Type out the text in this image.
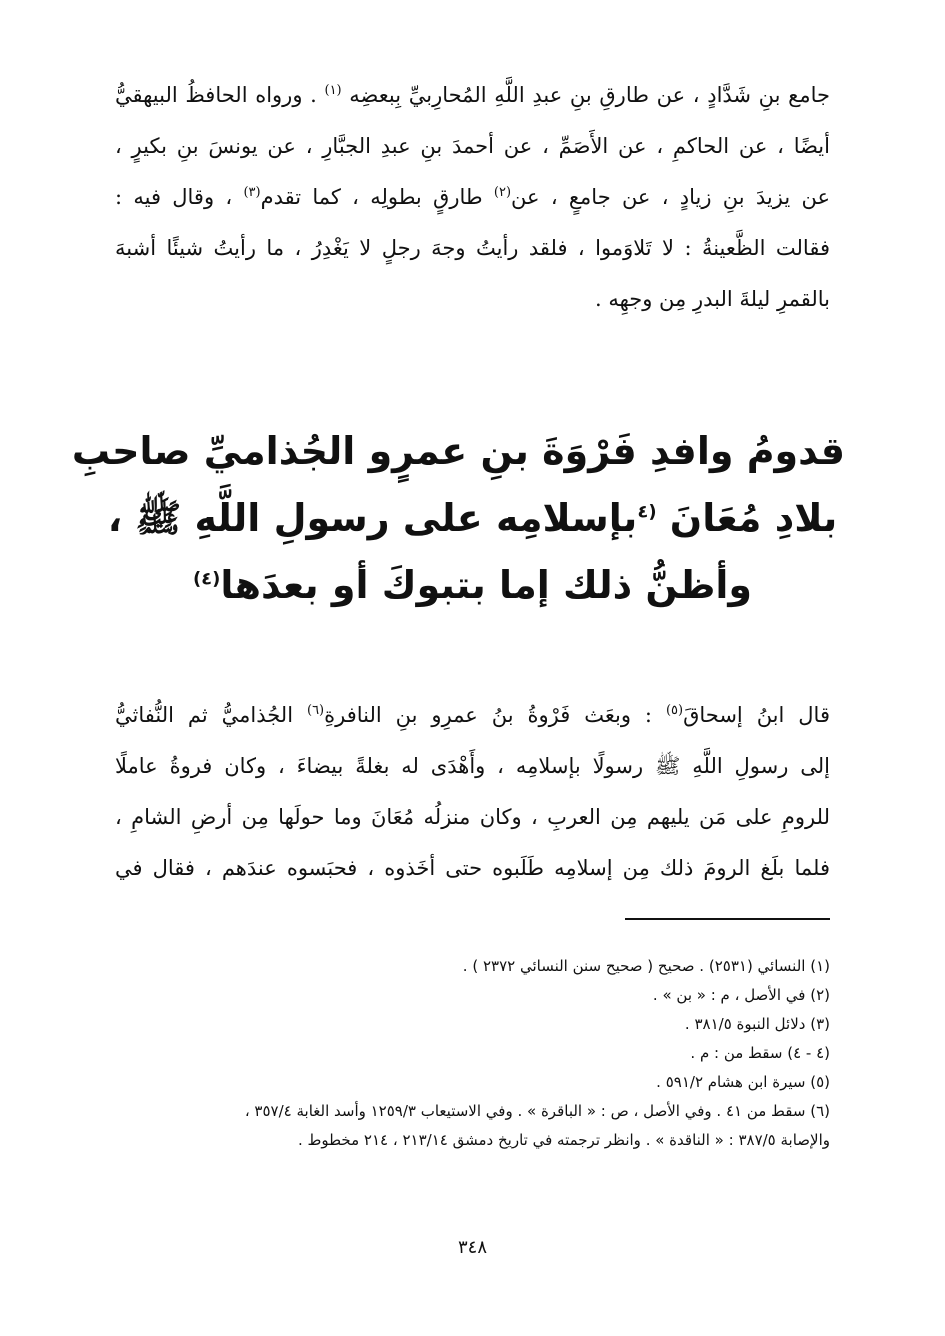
جامع بنِ شَدَّادٍ ، عن طارقِ بنِ عبدِ اللَّهِ المُحارِبيِّ بِبعضِه $^{(١)}$ . ورواه الحافظُ البيهقيُّ
أيضًا ، عن الحاكمِ ، عن الأَصَمِّ ، عن أحمدَ بنِ عبدِ الجبَّارِ ، عن يونسَ بنِ بكيرٍ ،
عن يزيدَ بنِ زيادٍ ، عن جامعٍ ، عن$^{(٢)}$ طارقٍ بطولِه ، كما تقدم$^{(٣)}$ ، وقال فيه :
فقالت الظَّعينةُ : لا تَلاوَموا ، فلقد رأيتُ وجهَ رجلٍ لا يَغْدِرُ ، ما رأيتُ شيئًا أشبهَ
بالقمرِ ليلةَ البدرِ مِن وجهِه .

قدومُ وافدِ فَرْوَةَ بنِ عمرٍو الجُذاميِّ صاحبِ
بلادِ مُعَانَ $^{(٤}$بإسلامِه على رسولِ اللَّهِ ﷺ ،
وأظنُّ ذلك إما بتبوكَ أو بعدَها$^{(٤)}$

قال ابنُ إسحاقَ$^{(٥)}$ : وبعَث فَرْوةُ بنُ عمرِو بنِ النافرةِ$^{(٦)}$ الجُذاميُّ ثم النُّفاثيُّ
إلى رسولِ اللَّهِ ﷺ رسولًا بإسلامِه ، وأَهْدَى له بغلةً بيضاءَ ، وكان فروةُ عاملًا
للرومِ على مَن يليهم مِن العربِ ، وكان منزلُه مُعَانَ وما حولَها مِن أرضِ الشامِ ،
فلما بلَغ الرومَ ذلك مِن إسلامِه طَلَبوه حتى أخَذوه ، فحبَسوه عندَهم ، فقال في

(١) النسائي (٢٥٣١) . صحيح ( صحيح سنن النسائي ٢٣٧٢ ) .
(٢) في الأصل ، م : « بن » .
(٣) دلائل النبوة ٣٨١/٥ .
(٤ - ٤) سقط من : م .
(٥) سيرة ابن هشام ٥٩١/٢ .
(٦) سقط من ٤١ . وفي الأصل ، ص : « الباقرة » . وفي الاستيعاب ١٢٥٩/٣ وأسد الغابة ٣٥٧/٤ ،
والإصابة ٣٨٧/٥ : « الناقدة » . وانظر ترجمته في تاريخ دمشق ٢١٣/١٤ ، ٢١٤ مخطوط .
٣٤٨
